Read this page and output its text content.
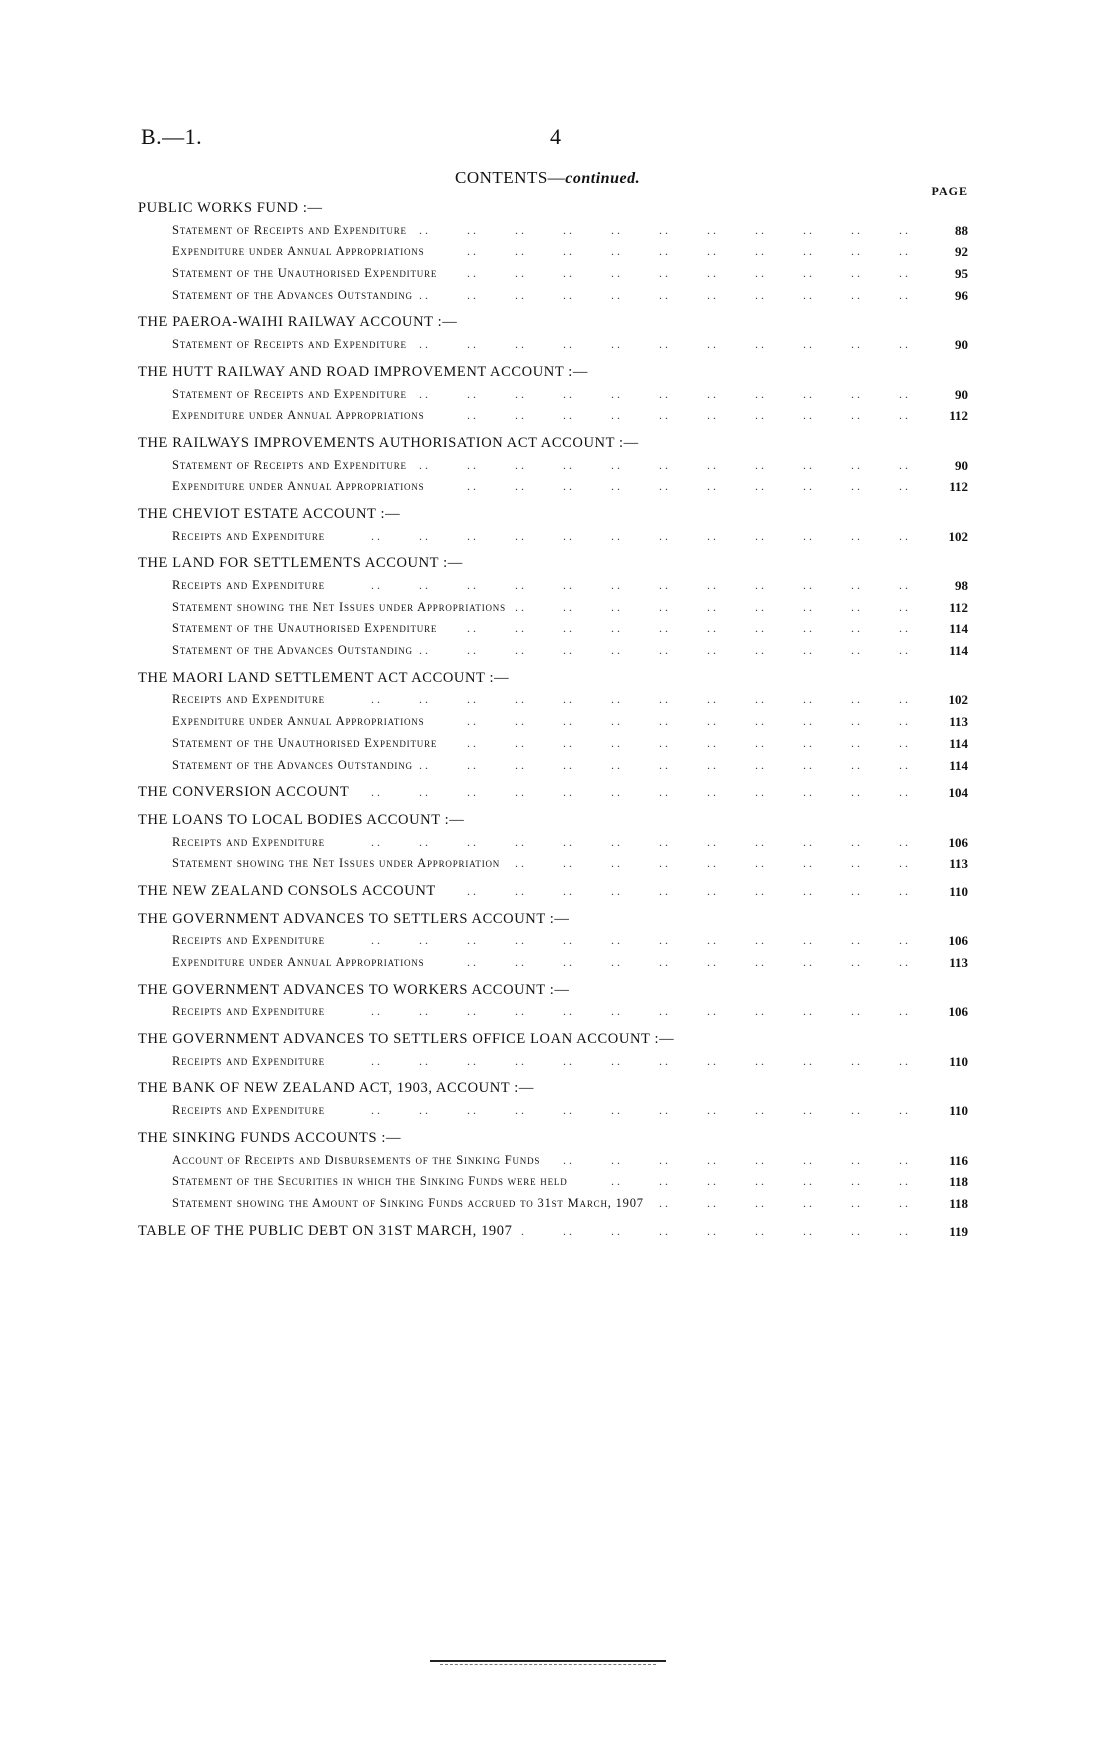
B.—1.	4
CONTENTS—continued.
PAGE
PUBLIC WORKS FUND :—
. .
Statement of Receipts and Expenditure	88
. .
Expenditure under Annual Appropriations	92
. .
Statement of the Unauthorised Expenditure	95
. .
Statement of the Advances Outstanding	96
THE PAEROA-WAIHI RAILWAY ACCOUNT :—
. .
Statement of Receipts and Expenditure	90
THE HUTT RAILWAY AND ROAD IMPROVEMENT ACCOUNT :—
. .
Statement of Receipts and Expenditure	90
. .
Expenditure under Annual Appropriations	112
THE RAILWAYS IMPROVEMENTS AUTHORISATION ACT ACCOUNT :—
. .
Statement of Receipts and Expenditure	90
. .
Expenditure under Annual Appropriations	112
THE CHEVIOT ESTATE ACCOUNT :—
. .
Receipts and Expenditure	102
THE LAND FOR SETTLEMENTS ACCOUNT :—
. .
Receipts and Expenditure	98
. .
Statement showing the Net Issues under Appropriations	112
. .
Statement of the Unauthorised Expenditure	114
. .
Statement of the Advances Outstanding	114
THE MAORI LAND SETTLEMENT ACT ACCOUNT :—
. .
Receipts and Expenditure	102
. .
Expenditure under Annual Appropriations	113
. .
Statement of the Unauthorised Expenditure	114
. .
Statement of the Advances Outstanding	114
. .
THE CONVERSION ACCOUNT	104
THE LOANS TO LOCAL BODIES ACCOUNT :—
. .
Receipts and Expenditure	106
. .
Statement showing the Net Issues under Appropriation	113
. .
THE NEW ZEALAND CONSOLS ACCOUNT	110
THE GOVERNMENT ADVANCES TO SETTLERS ACCOUNT :—
. .
Receipts and Expenditure	106
. .
Expenditure under Annual Appropriations	113
THE GOVERNMENT ADVANCES TO WORKERS ACCOUNT :—
. .
Receipts and Expenditure	106
THE GOVERNMENT ADVANCES TO SETTLERS OFFICE LOAN ACCOUNT :—
. .
Receipts and Expenditure	110
THE BANK OF NEW ZEALAND ACT, 1903, ACCOUNT :—
. .
Receipts and Expenditure	110
THE SINKING FUNDS ACCOUNTS :—
. .
Account of Receipts and Disbursements of the Sinking Funds	116
. .
Statement of the Securities in which the Sinking Funds were held	118
. .
Statement showing the Amount of Sinking Funds accrued to 31st March, 1907	118
. .
TABLE OF THE PUBLIC DEBT ON 31ST MARCH, 1907	119
